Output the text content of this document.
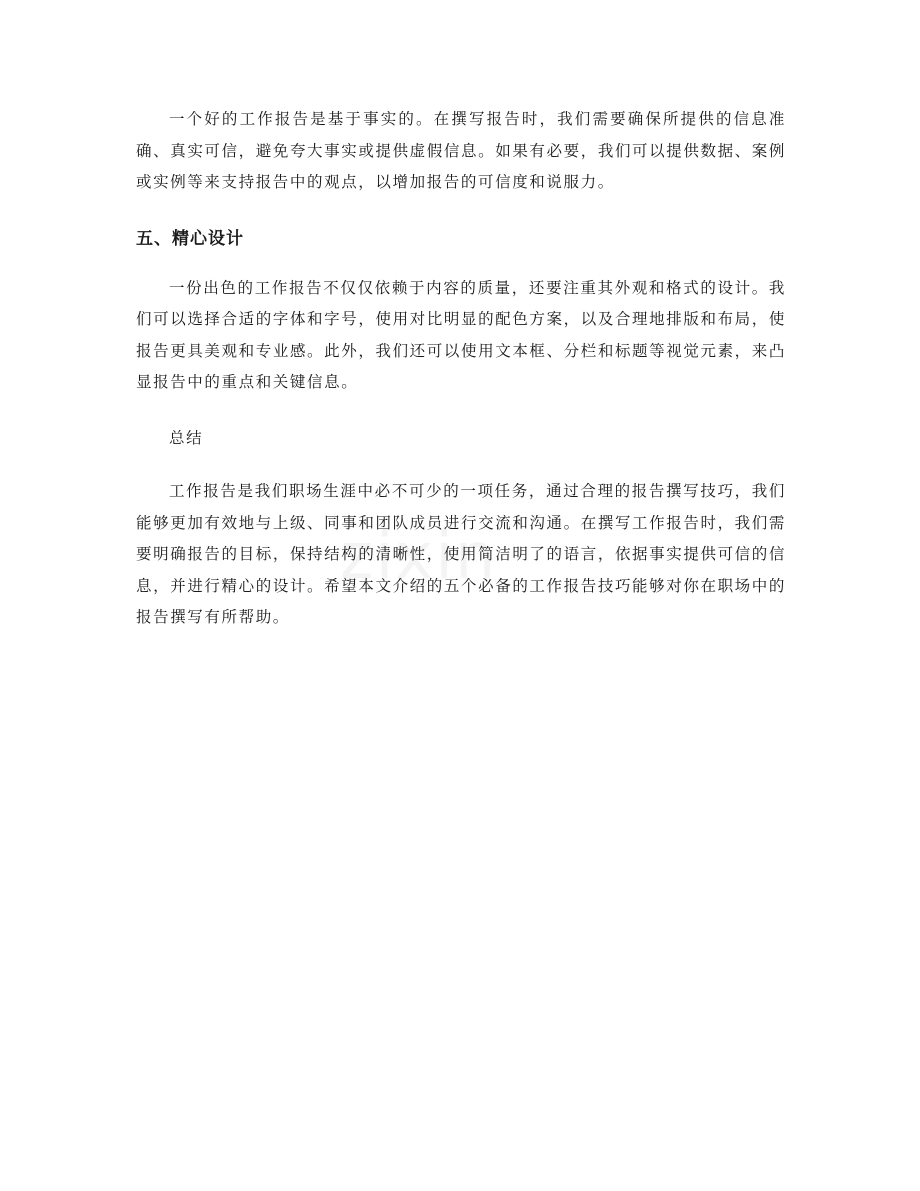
一个好的工作报告是基于事实的。在撰写报告时，我们需要确保所提供的信息准确、真实可信，避免夸大事实或提供虚假信息。如果有必要，我们可以提供数据、案例或实例等来支持报告中的观点，以增加报告的可信度和说服力。

五、精心设计

一份出色的工作报告不仅仅依赖于内容的质量，还要注重其外观和格式的设计。我们可以选择合适的字体和字号，使用对比明显的配色方案，以及合理地排版和布局，使报告更具美观和专业感。此外，我们还可以使用文本框、分栏和标题等视觉元素，来凸显报告中的重点和关键信息。

总结

工作报告是我们职场生涯中必不可少的一项任务，通过合理的报告撰写技巧，我们能够更加有效地与上级、同事和团队成员进行交流和沟通。在撰写工作报告时，我们需要明确报告的目标，保持结构的清晰性，使用简洁明了的语言，依据事实提供可信的信息，并进行精心的设计。希望本文介绍的五个必备的工作报告技巧能够对你在职场中的报告撰写有所帮助。
